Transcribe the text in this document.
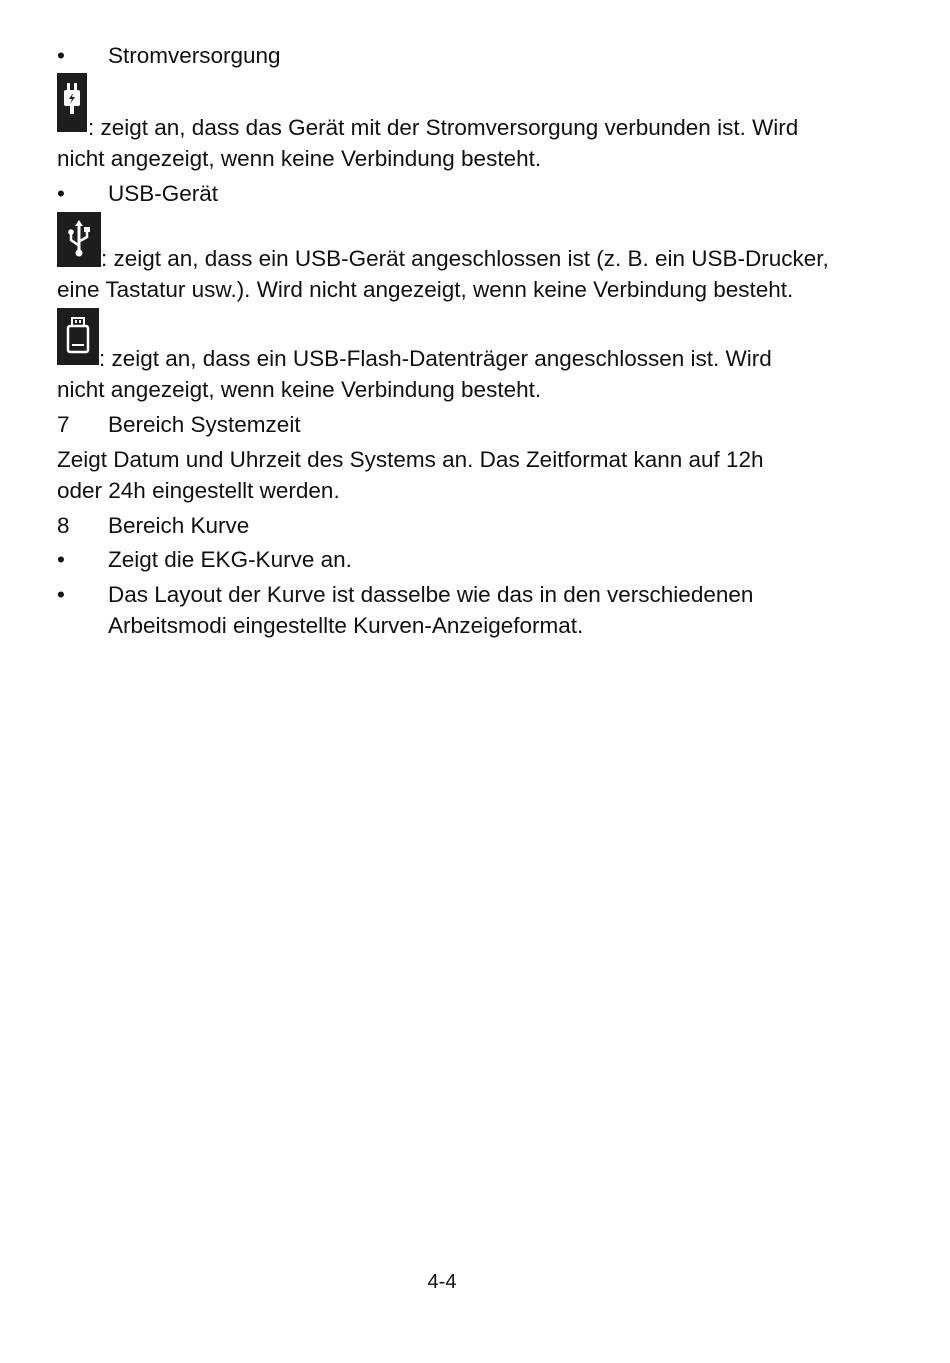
•	Stromversorgung
: zeigt an, dass das Gerät mit der Stromversorgung verbunden ist. Wird
nicht angezeigt, wenn keine Verbindung besteht.
•	USB-Gerät
: zeigt an, dass ein USB-Gerät angeschlossen ist (z. B. ein USB-Drucker,
eine Tastatur usw.). Wird nicht angezeigt, wenn keine Verbindung besteht.
: zeigt an, dass ein USB-Flash-Datenträger angeschlossen ist. Wird
nicht angezeigt, wenn keine Verbindung besteht.
7	Bereich Systemzeit
Zeigt Datum und Uhrzeit des Systems an. Das Zeitformat kann auf 12h
oder 24h eingestellt werden.
8	Bereich Kurve
•	Zeigt die EKG-Kurve an.
•	Das Layout der Kurve ist dasselbe wie das in den verschiedenen
Arbeitsmodi eingestellte Kurven-Anzeigeformat.
4-4
